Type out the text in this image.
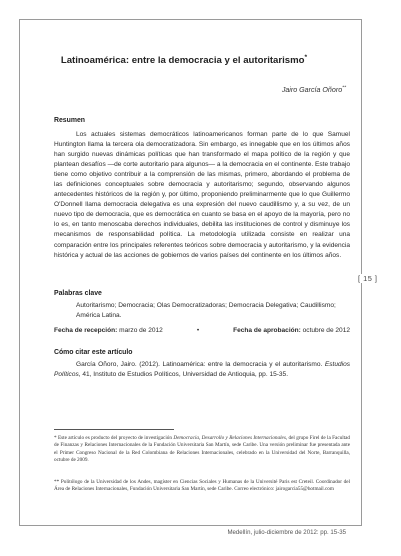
Latinoamérica: entre la democracia y el autoritarismo*
Jairo García Oñoro**
Resumen

Los actuales sistemas democráticos latinoamericanos forman parte de lo que Samuel Huntington llama la tercera ola democratizadora. Sin embargo, es innegable que en los últimos años han surgido nuevas dinámicas políticas que han transformado el mapa político de la región y que plantean desafíos —de corte autoritario para algunos— a la democracia en el continente. Este trabajo tiene como objetivo contribuir a la comprensión de las mismas, primero, abordando el problema de las definiciones conceptuales sobre democracia y autoritarismo; segundo, observando algunos antecedentes históricos de la región y, por último, proponiendo preliminarmente que lo que Guillermo O'Donnell llama democracia delegativa es una expresión del nuevo caudillismo y, a su vez, de un nuevo tipo de democracia, que es democrática en cuanto se basa en el apoyo de la mayoría, pero no lo es, en tanto menoscaba derechos individuales, debilita las instituciones de control y disminuye los mecanismos de responsabilidad política. La metodología utilizada consiste en realizar una comparación entre los principales referentes teóricos sobre democracia y autoritarismo, y la evidencia histórica y actual de las acciones de gobiernos de varios países del continente en los últimos años.

[ 15 ]
Palabras clave

Autoritarismo; Democracia; Olas Democratizadoras; Democracia Delegativa; Caudillismo; América Latina.

Fecha de recepción: marzo de 2012	•	Fecha de aprobación: octubre de 2012
Cómo citar este artículo

García Oñoro, Jairo. (2012). Latinoamérica: entre la democracia y el autoritarismo. Estudios Políticos, 41, Instituto de Estudios Políticos, Universidad de Antioquia, pp. 15-35.

* Este artículo es producto del proyecto de investigación Democracia, Desarrollo y Relaciones Internacionales, del grupo Firel de la Facultad de Finanzas y Relaciones Internacionales de la Fundación Universitaria San Martín, sede Caribe. Una versión preliminar fue presentada ante el Primer Congreso Nacional de la Red Colombiana de Relaciones Internacionales, celebrado en la Universidad del Norte, Barranquilla, octubre de 2009.

** Politólogo de la Universidad de los Andes, magíster en Ciencias Sociales y Humanas de la Université Paris est Creteil. Coordinador del Área de Relaciones Internacionales, Fundación Universitaria San Martín, sede Caribe. Correo electrónico: jairogarcia55@hotmail.com

Medellín, julio-diciembre de 2012: pp. 15-35
